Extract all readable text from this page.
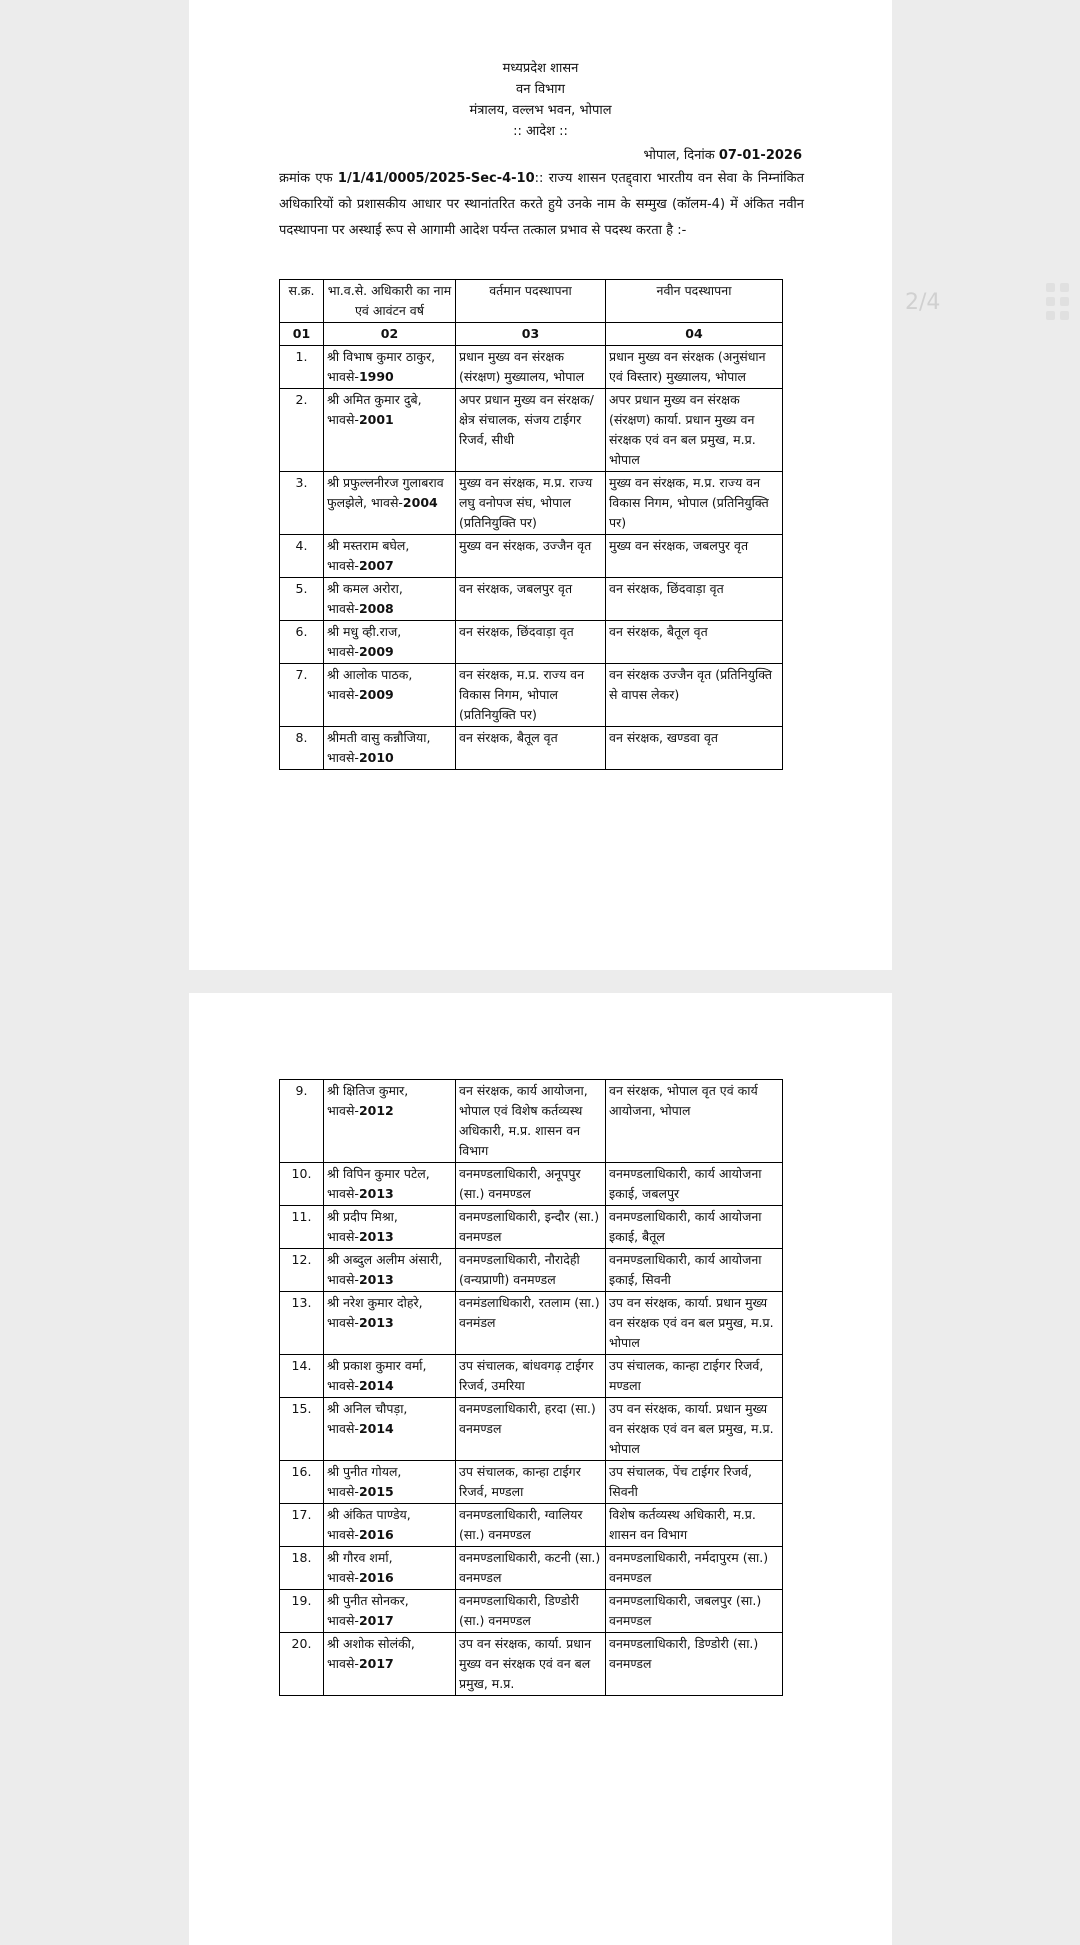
मध्यप्रदेश शासन
वन विभाग
मंत्रालय, वल्लभ भवन, भोपाल
:: आदेश ::
भोपाल, दिनांक 07-01-2026
क्रमांक एफ 1/1/41/0005/2025-Sec-4-10:: राज्य शासन एतद्द्वारा भारतीय वन सेवा के निम्नांकित अधिकारियों को प्रशासकीय आधार पर स्थानांतरित करते हुये उनके नाम के सम्मुख (कॉलम-4) में अंकित नवीन पदस्थापना पर अस्थाई रूप से आगामी आदेश पर्यन्त तत्काल प्रभाव से पदस्थ करता है :-
स.क्र.	भा.व.से. अधिकारी का नाम एवं आवंटन वर्ष	वर्तमान पदस्थापना	नवीन पदस्थापना
01	02	03	04
1.	श्री विभाष कुमार ठाकुर, भावसे-1990	प्रधान मुख्य वन संरक्षक (संरक्षण) मुख्यालय, भोपाल	प्रधान मुख्य वन संरक्षक (अनुसंधान एवं विस्तार) मुख्यालय, भोपाल
2.	श्री अमित कुमार दुबे, भावसे-2001	अपर प्रधान मुख्य वन संरक्षक/ क्षेत्र संचालक, संजय टाईगर रिजर्व, सीधी	अपर प्रधान मुख्य वन संरक्षक (संरक्षण) कार्या. प्रधान मुख्य वन संरक्षक एवं वन बल प्रमुख, म.प्र. भोपाल
3.	श्री प्रफुल्लनीरज गुलाबराव फुलझेले, भावसे-2004	मुख्य वन संरक्षक, म.प्र. राज्य लघु वनोपज संघ, भोपाल (प्रतिनियुक्ति पर)	मुख्य वन संरक्षक, म.प्र. राज्य वन विकास निगम, भोपाल (प्रतिनियुक्ति पर)
4.	श्री मस्तराम बघेल, भावसे-2007	मुख्य वन संरक्षक, उज्जैन वृत	मुख्य वन संरक्षक, जबलपुर वृत
5.	श्री कमल अरोरा, भावसे-2008	वन संरक्षक, जबलपुर वृत	वन संरक्षक, छिंदवाड़ा वृत
6.	श्री मधु व्ही.राज, भावसे-2009	वन संरक्षक, छिंदवाड़ा वृत	वन संरक्षक, बैतूल वृत
7.	श्री आलोक पाठक, भावसे-2009	वन संरक्षक, म.प्र. राज्य वन विकास निगम, भोपाल (प्रतिनियुक्ति पर)	वन संरक्षक उज्जैन वृत (प्रतिनियुक्ति से वापस लेकर)
8.	श्रीमती वासु कन्नौजिया, भावसे-2010	वन संरक्षक, बैतूल वृत	वन संरक्षक, खण्डवा वृत
9.	श्री क्षितिज कुमार, भावसे-2012	वन संरक्षक, कार्य आयोजना, भोपाल एवं विशेष कर्तव्यस्थ अधिकारी, म.प्र. शासन वन विभाग	वन संरक्षक, भोपाल वृत एवं कार्य आयोजना, भोपाल
10.	श्री विपिन कुमार पटेल, भावसे-2013	वनमण्डलाधिकारी, अनूपपुर (सा.) वनमण्डल	वनमण्डलाधिकारी, कार्य आयोजना इकाई, जबलपुर
11.	श्री प्रदीप मिश्रा, भावसे-2013	वनमण्डलाधिकारी, इन्दौर (सा.) वनमण्डल	वनमण्डलाधिकारी, कार्य आयोजना इकाई, बैतूल
12.	श्री अब्दुल अलीम अंसारी, भावसे-2013	वनमण्डलाधिकारी, नौरादेही (वन्यप्राणी) वनमण्डल	वनमण्डलाधिकारी, कार्य आयोजना इकाई, सिवनी
13.	श्री नरेश कुमार दोहरे, भावसे-2013	वनमंडलाधिकारी, रतलाम (सा.) वनमंडल	उप वन संरक्षक, कार्या. प्रधान मुख्य वन संरक्षक एवं वन बल प्रमुख, म.प्र. भोपाल
14.	श्री प्रकाश कुमार वर्मा, भावसे-2014	उप संचालक, बांधवगढ़ टाईगर रिजर्व, उमरिया	उप संचालक, कान्हा टाईगर रिजर्व, मण्डला
15.	श्री अनिल चौपड़ा, भावसे-2014	वनमण्डलाधिकारी, हरदा (सा.) वनमण्डल	उप वन संरक्षक, कार्या. प्रधान मुख्य वन संरक्षक एवं वन बल प्रमुख, म.प्र. भोपाल
16.	श्री पुनीत गोयल, भावसे-2015	उप संचालक, कान्हा टाईगर रिजर्व, मण्डला	उप संचालक, पेंच टाईगर रिजर्व, सिवनी
17.	श्री अंकित पाण्डेय, भावसे-2016	वनमण्डलाधिकारी, ग्वालियर (सा.) वनमण्डल	विशेष कर्तव्यस्थ अधिकारी, म.प्र. शासन वन विभाग
18.	श्री गौरव शर्मा, भावसे-2016	वनमण्डलाधिकारी, कटनी (सा.) वनमण्डल	वनमण्डलाधिकारी, नर्मदापुरम (सा.) वनमण्डल
19.	श्री पुनीत सोनकर, भावसे-2017	वनमण्डलाधिकारी, डिण्डोरी (सा.) वनमण्डल	वनमण्डलाधिकारी, जबलपुर (सा.) वनमण्डल
20.	श्री अशोक सोलंकी, भावसे-2017	उप वन संरक्षक, कार्या. प्रधान मुख्य वन संरक्षक एवं वन बल प्रमुख, म.प्र.	वनमण्डलाधिकारी, डिण्डोरी (सा.) वनमण्डल
2/4
